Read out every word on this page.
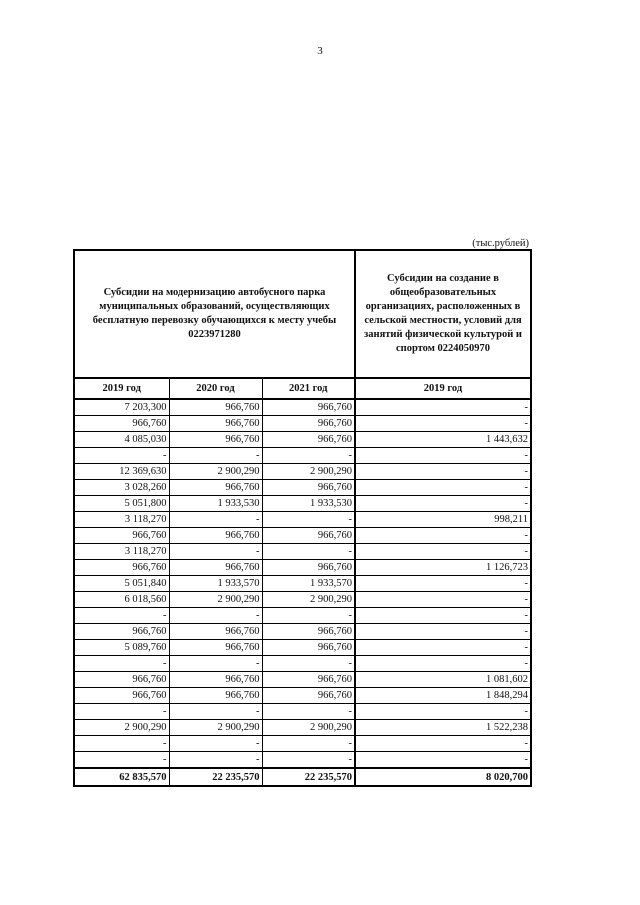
3
(тыс.рублей)
Субсидии на модернизацию автобусного парка муниципальных образований, осуществляющих бесплатную перевозку обучающихся к месту учебы 0223971280			Субсидии на создание в общеобразовательных организациях, расположенных в сельской местности, условий для занятий физической культурой и спортом 0224050970
2019 год	2020 год	2021 год	2019 год
7 203,300	966,760	966,760	-
966,760	966,760	966,760	-
4 085,030	966,760	966,760	1 443,632
-	-	-	-
12 369,630	2 900,290	2 900,290	-
3 028,260	966,760	966,760	-
5 051,800	1 933,530	1 933,530	-
3 118,270	-	-	998,211
966,760	966,760	966,760	-
3 118,270	-	-	-
966,760	966,760	966,760	1 126,723
5 051,840	1 933,570	1 933,570	-
6 018,560	2 900,290	2 900,290	-
-	-	-	-
966,760	966,760	966,760	-
5 089,760	966,760	966,760	-
-	-	-	-
966,760	966,760	966,760	1 081,602
966,760	966,760	966,760	1 848,294
-	-	-	-
2 900,290	2 900,290	2 900,290	1 522,238
-	-	-	-
-	-	-	-
62 835,570	22 235,570	22 235,570	8 020,700
